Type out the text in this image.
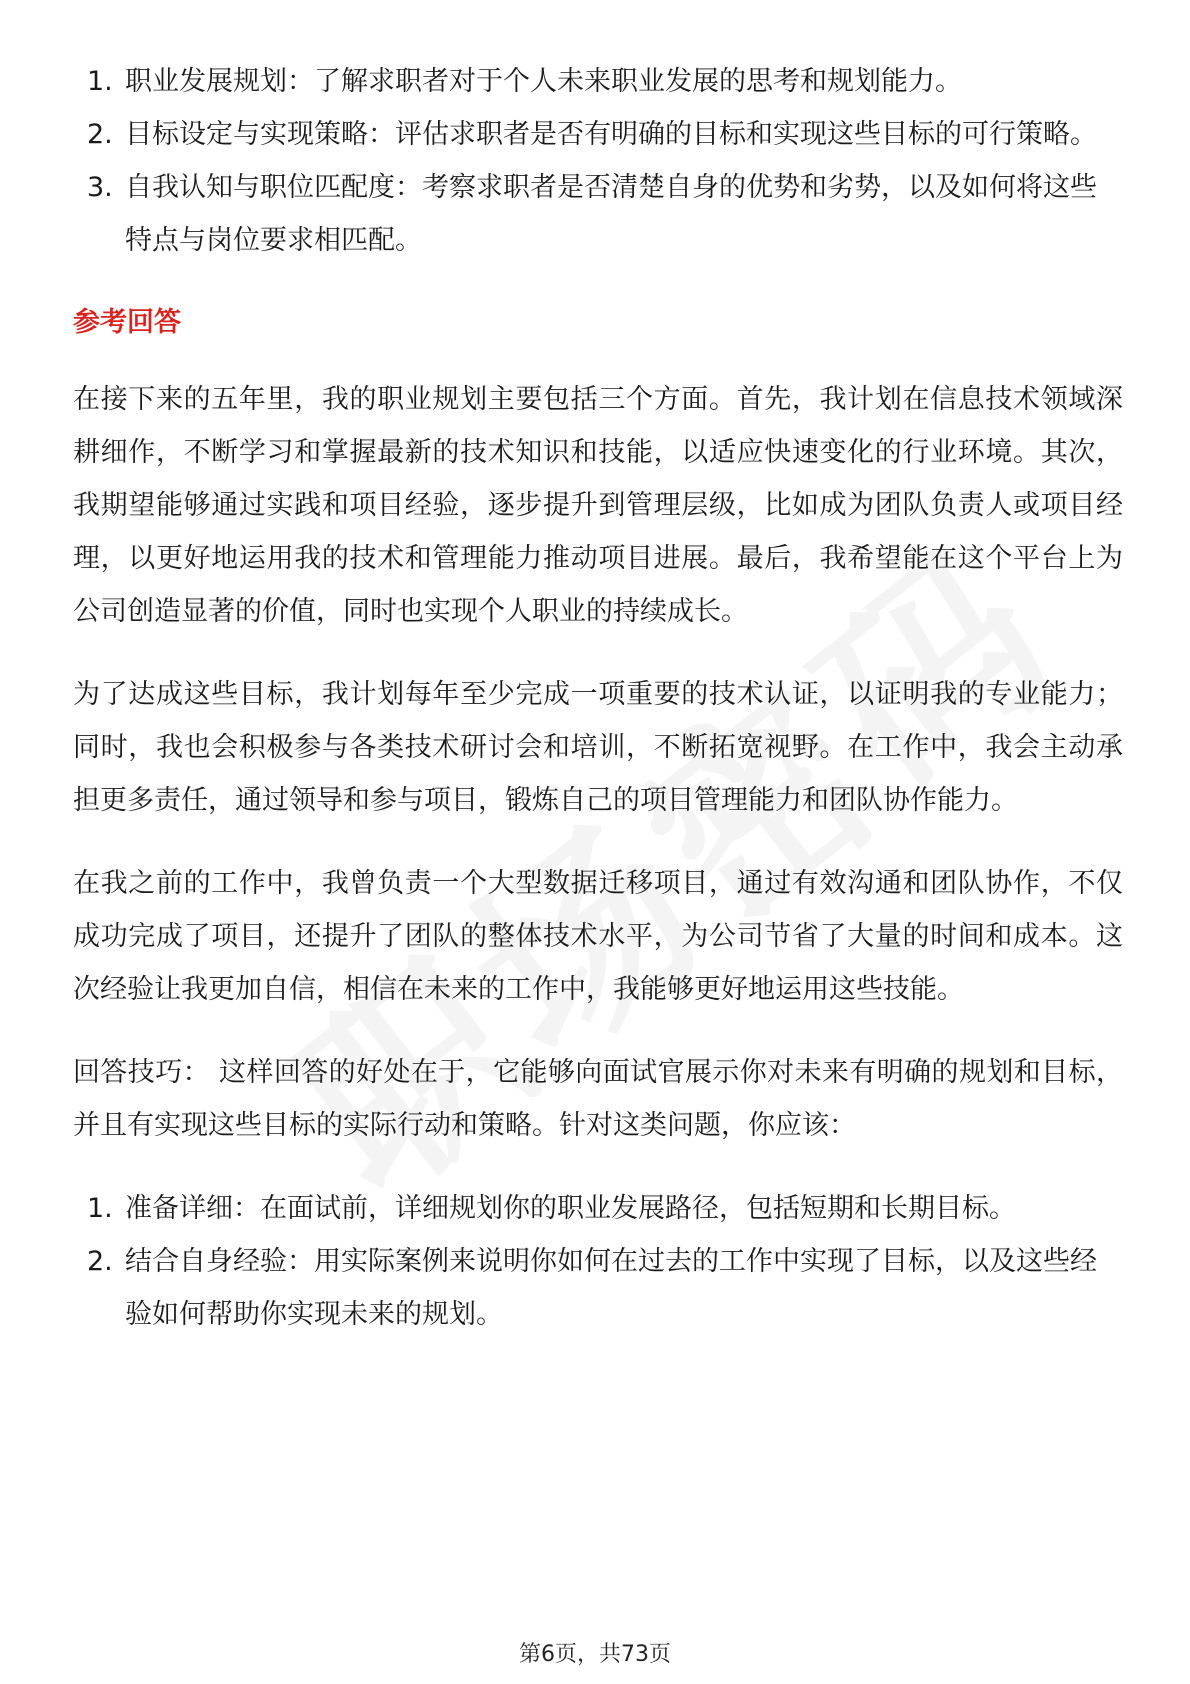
1. 职业发展规划：了解求职者对于个人未来职业发展的思考和规划能力。
2. 目标设定与实现策略：评估求职者是否有明确的目标和实现这些目标的可行策略。
3. 自我认知与职位匹配度：考察求职者是否清楚自身的优势和劣势，以及如何将这些特点与岗位要求相匹配。
参考回答

在接下来的五年里，我的职业规划主要包括三个方面。首先，我计划在信息技术领域深耕细作，不断学习和掌握最新的技术知识和技能，以适应快速变化的行业环境。其次，我期望能够通过实践和项目经验，逐步提升到管理层级，比如成为团队负责人或项目经理，以更好地运用我的技术和管理能力推动项目进展。最后，我希望能在这个平台上为公司创造显著的价值，同时也实现个人职业的持续成长。

为了达成这些目标，我计划每年至少完成一项重要的技术认证，以证明我的专业能力；同时，我也会积极参与各类技术研讨会和培训，不断拓宽视野。在工作中，我会主动承担更多责任，通过领导和参与项目，锻炼自己的项目管理能力和团队协作能力。

在我之前的工作中，我曾负责一个大型数据迁移项目，通过有效沟通和团队协作，不仅成功完成了项目，还提升了团队的整体技术水平，为公司节省了大量的时间和成本。这次经验让我更加自信，相信在未来的工作中，我能够更好地运用这些技能。

回答技巧： 这样回答的好处在于，它能够向面试官展示你对未来有明确的规划和目标，并且有实现这些目标的实际行动和策略。针对这类问题，你应该：

1. 准备详细：在面试前，详细规划你的职业发展路径，包括短期和长期目标。
2. 结合自身经验：用实际案例来说明你如何在过去的工作中实现了目标，以及这些经验如何帮助你实现未来的规划。
第6页，共73页
